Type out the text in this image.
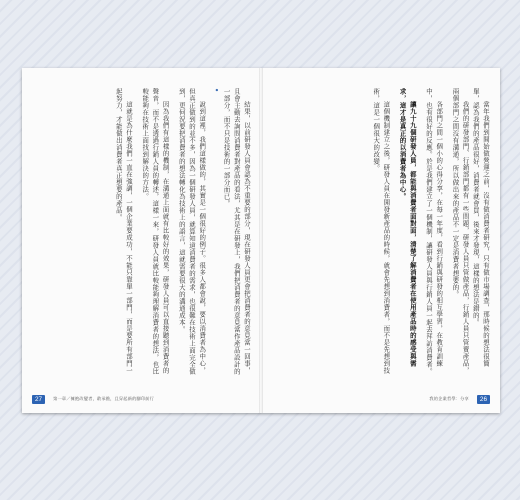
結果，以前研發人員會認為不重要的部分，現在研發人員更會把消費者的意見當一回事，且會主動去詢問消費者對產品的看法，尤其是在研發上，我們把消費者的意見當作產品設計的一部分，而不只是技術的一部分而已。

•

說到這裡，我們這樣做的，其實是一個很好的例子。很多人都會說，要以消費者為中心，但真正做到的並不多，因為一個研發人員，就算知道消費者的需求，也很難在技術上面完全做到，更何況要把消費者的想法轉化為技術上的語言，這就需要很大的溝通成本。

因為我們有這樣的機制，在溝通上面就有比較好的效果，研發人員可以直接聽到消費者的聲音，而不是透過行銷人員的轉述，這樣一來，研發人員就比較能夠理解消費者的想法，也比較能夠在技術上面找到解決的方法。

這就是為什麼我們一直在強調，一個企業要成功，不能只靠單一部門，而是要所有部門一起努力，才能做出消費者真正想要的產品。

27	第一章／擁抱改變者，敢承擔，且穿起新的腳印前行

當年我們到開始做營運之前，沒有做消費者研究，只有做市場調查，那時候的想法很簡單，認為我們的產品很好，消費者就會買，後來才發現，這樣的想法是錯的。

我們的研發部門、行銷部門都有一些問題，研發人員只管做產品，行銷人員只管賣產品，兩個部門之間沒有溝通，所以做出來的產品不一定是消費者想要的。

各部門之間一個小的心得分享，在每一年度，看到行銷與研發的相互學習，在教育訓練中，也有很好的反應。於是我們建立了一個機制，讓研發人員與行銷人員一起去拜訪消費者。

讓九十九個研發人員，都能與消費者面對面，清楚了解消費者在使用產品時的感受與需求，這才是真正的以消費者為中心。

這個機制建立之後，研發人員在開發新產品的時候，就會先想到消費者，而不是先想到技術，這是一個很大的改變。

我的企業哲學：分享	26
